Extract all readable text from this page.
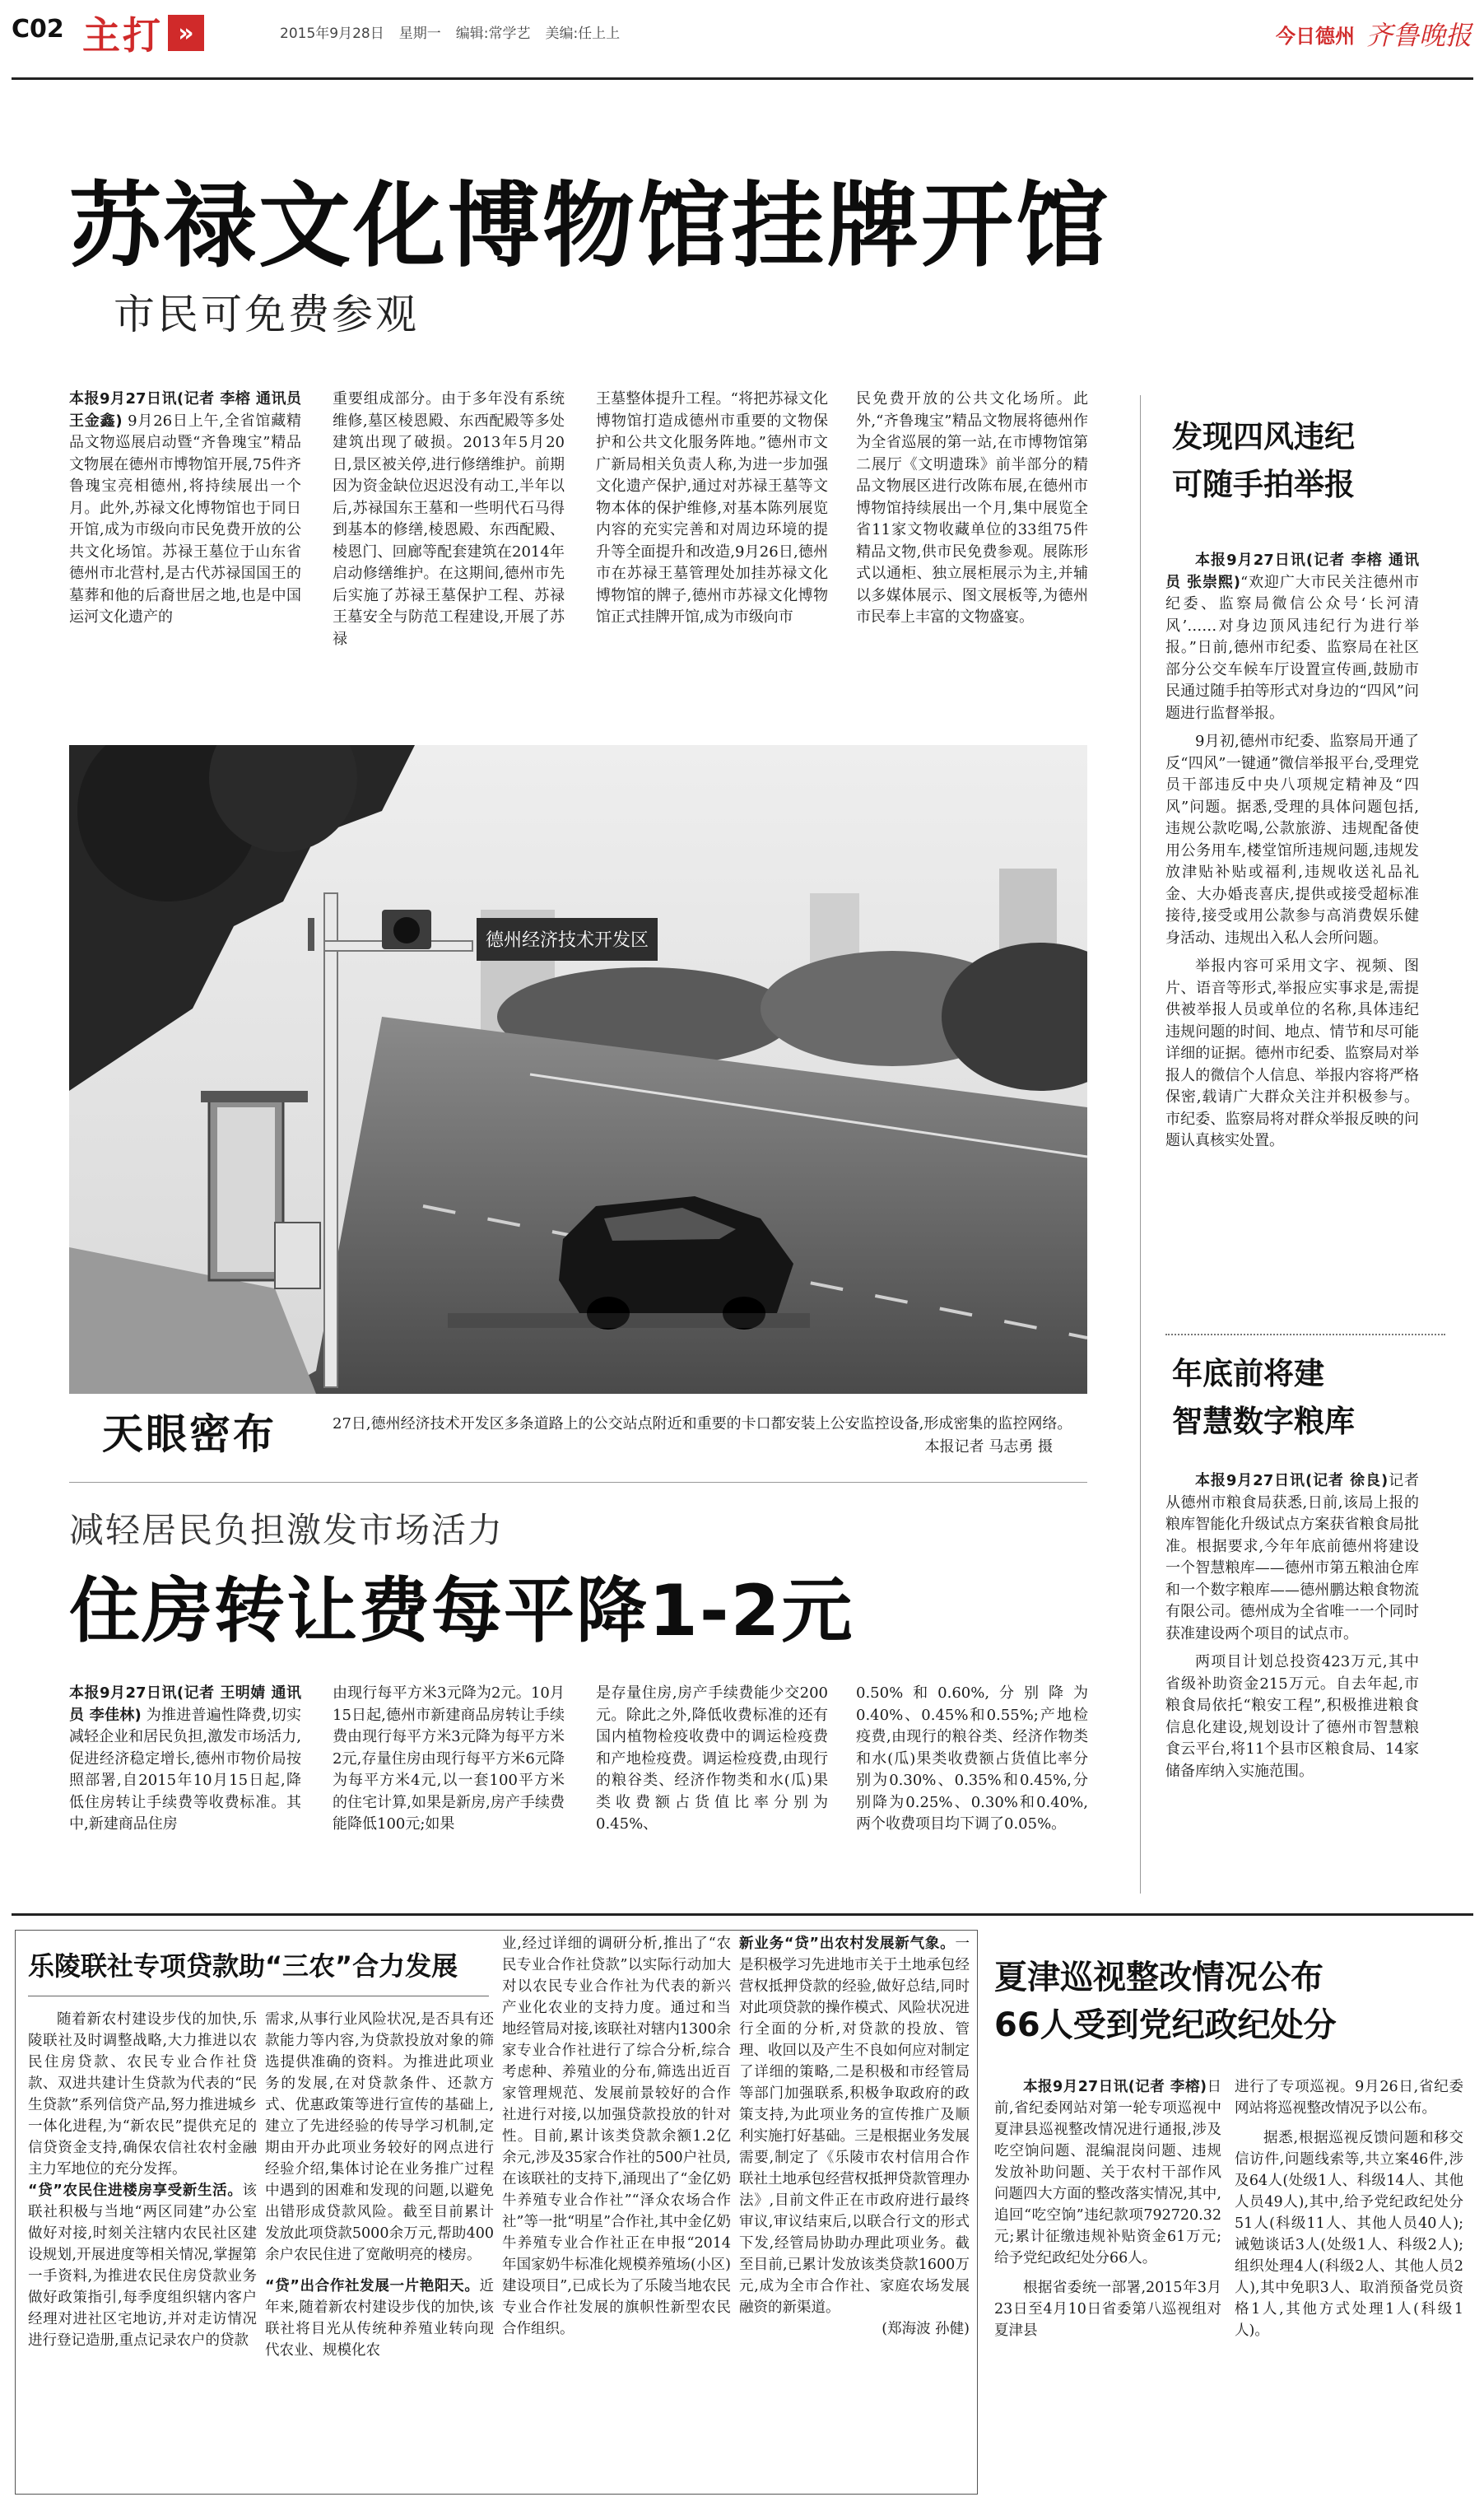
C02 主打 »	2015年9月28日 星期一 编辑:常学艺 美编:任上上	今日德州 齐鲁晚报
苏禄文化博物馆挂牌开馆
市民可免费参观
本报9月27日讯(记者 李榕 通讯员 王金鑫) 9月26日上午,全省馆藏精品文物巡展启动暨“齐鲁瑰宝”精品文物展在德州市博物馆开展,75件齐鲁瑰宝亮相德州,将持续展出一个月。此外,苏禄文化博物馆也于同日开馆,成为市级向市民免费开放的公共文化场馆。苏禄王墓位于山东省德州市北营村,是古代苏禄国国王的墓葬和他的后裔世居之地,也是中国运河文化遗产的
重要组成部分。由于多年没有系统维修,墓区棱恩殿、东西配殿等多处建筑出现了破损。2013年5月20日,景区被关停,进行修缮维护。前期因为资金缺位迟迟没有动工,半年以后,苏禄国东王墓和一些明代石马得到基本的修缮,棱恩殿、东西配殿、棱恩门、回廊等配套建筑在2014年启动修缮维护。在这期间,德州市先后实施了苏禄王墓保护工程、苏禄王墓安全与防范工程建设,开展了苏禄
王墓整体提升工程。“将把苏禄文化博物馆打造成德州市重要的文物保护和公共文化服务阵地。”德州市文广新局相关负责人称,为进一步加强文化遗产保护,通过对苏禄王墓等文物本体的保护维修,对基本陈列展览内容的充实完善和对周边环境的提升等全面提升和改造,9月26日,德州市在苏禄王墓管理处加挂苏禄文化博物馆的牌子,德州市苏禄文化博物馆正式挂牌开馆,成为市级向市
民免费开放的公共文化场所。此外,“齐鲁瑰宝”精品文物展将德州作为全省巡展的第一站,在市博物馆第二展厅《文明遗珠》前半部分的精品文物展区进行改陈布展,在德州市博物馆持续展出一个月,集中展览全省11家文物收藏单位的33组75件精品文物,供市民免费参观。展陈形式以通柜、独立展柜展示为主,并辅以多媒体展示、图文展板等,为德州市民奉上丰富的文物盛宴。
德州经济技术开发区
天眼密布	27日,德州经济技术开发区多条道路上的公交站点附近和重要的卡口都安装上公安监控设备,形成密集的监控网络。
本报记者 马志勇 摄
减轻居民负担激发市场活力
住房转让费每平降1-2元
本报9月27日讯(记者 王明婧 通讯员 李佳林) 为推进普遍性降费,切实减轻企业和居民负担,激发市场活力,促进经济稳定增长,德州市物价局按照部署,自2015年10月15日起,降低住房转让手续费等收费标准。其中,新建商品住房
由现行每平方米3元降为2元。10月15日起,德州市新建商品房转让手续费由现行每平方米3元降为每平方米2元,存量住房由现行每平方米6元降为每平方米4元,以一套100平方米的住宅计算,如果是新房,房产手续费能降低100元;如果
是存量住房,房产手续费能少交200元。除此之外,降低收费标准的还有国内植物检疫收费中的调运检疫费和产地检疫费。调运检疫费,由现行的粮谷类、经济作物类和水(瓜)果类收费额占货值比率分别为0.45%、
0.50%和0.60%,分别降为0.40%、0.45%和0.55%;产地检疫费,由现行的粮谷类、经济作物类和水(瓜)果类收费额占货值比率分别为0.30%、0.35%和0.45%,分别降为0.25%、0.30%和0.40%,两个收费项目均下调了0.05%。
发现四风违纪
可随手拍举报

本报9月27日讯(记者 李榕 通讯员 张崇熙)“欢迎广大市民关注德州市纪委、监察局微信公众号‘长河清风’……对身边顶风违纪行为进行举报。”日前,德州市纪委、监察局在社区部分公交车候车厅设置宣传画,鼓励市民通过随手拍等形式对身边的“四风”问题进行监督举报。

9月初,德州市纪委、监察局开通了反“四风”一键通”微信举报平台,受理党员干部违反中央八项规定精神及“四风”问题。据悉,受理的具体问题包括,违规公款吃喝,公款旅游、违规配备使用公务用车,楼堂馆所违规问题,违规发放津贴补贴或福利,违规收送礼品礼金、大办婚丧喜庆,提供或接受超标准接待,接受或用公款参与高消费娱乐健身活动、违规出入私人会所问题。

举报内容可采用文字、视频、图片、语音等形式,举报应实事求是,需提供被举报人员或单位的名称,具体违纪违规问题的时间、地点、情节和尽可能详细的证据。德州市纪委、监察局对举报人的微信个人信息、举报内容将严格保密,载请广大群众关注并积极参与。市纪委、监察局将对群众举报反映的问题认真核实处置。

年底前将建
智慧数字粮库

本报9月27日讯(记者 徐良)记者从德州市粮食局获悉,日前,该局上报的粮库智能化升级试点方案获省粮食局批准。根据要求,今年年底前德州将建设一个智慧粮库——德州市第五粮油仓库和一个数字粮库——德州鹏达粮食物流有限公司。德州成为全省唯一一个同时获准建设两个项目的试点市。

两项目计划总投资423万元,其中省级补助资金215万元。自去年起,市粮食局依托“粮安工程”,积极推进粮食信息化建设,规划设计了德州市智慧粮食云平台,将11个县市区粮食局、14家储备库纳入实施范围。

乐陵联社专项贷款助“三农”合力发展

随着新农村建设步伐的加快,乐陵联社及时调整战略,大力推进以农民住房贷款、农民专业合作社贷款、双进共建计生贷款为代表的“民生贷款”系列信贷产品,努力推进城乡一体化进程,为“新农民”提供充足的信贷资金支持,确保农信社农村金融主力军地位的充分发挥。

“贷”农民住进楼房享受新生活。该联社积极与当地“两区同建”办公室做好对接,时刻关注辖内农民社区建设规划,开展进度等相关情况,掌握第一手资料,为推进农民住房贷款业务做好政策指引,每季度组织辖内客户经理对进社区宅地访,并对走访情况进行登记造册,重点记录农户的贷款

需求,从事行业风险状况,是否具有还款能力等内容,为贷款投放对象的筛选提供准确的资料。为推进此项业务的发展,在对贷款条件、还款方式、优惠政策等进行宣传的基础上,建立了先进经验的传导学习机制,定期由开办此项业务较好的网点进行经验介绍,集体讨论在业务推广过程中遇到的困难和发现的问题,以避免出错形成贷款风险。截至目前累计发放此项贷款5000余万元,帮助400余户农民住进了宽敞明亮的楼房。

“贷”出合作社发展一片艳阳天。近年来,随着新农村建设步伐的加快,该联社将目光从传统种养殖业转向现代农业、规模化农

业,经过详细的调研分析,推出了“农民专业合作社贷款”以实际行动加大对以农民专业合作社为代表的新兴产业化农业的支持力度。通过和当地经管局对接,该联社对辖内1300余家专业合作社进行了综合分析,综合考虑种、养殖业的分布,筛选出近百家管理规范、发展前景较好的合作社进行对接,以加强贷款投放的针对性。目前,累计该类贷款余额1.2亿余元,涉及35家合作社的500户社员,在该联社的支持下,涌现出了“金亿奶牛养殖专业合作社”“泽众农场合作社”等一批“明星”合作社,其中金亿奶牛养殖专业合作社正在申报“2014年国家奶牛标准化规模养殖场(小区)建设项目”,已成长为了乐陵当地农民专业合作社发展的旗帜性新型农民合作组织。

新业务“贷”出农村发展新气象。一是积极学习先进地市关于土地承包经营权抵押贷款的经验,做好总结,同时对此项贷款的操作模式、风险状况进行全面的分析,对贷款的投放、管理、收回以及产生不良如何应对制定了详细的策略,二是积极和市经管局等部门加强联系,积极争取政府的政策支持,为此项业务的宣传推广及顺利实施打好基础。三是根据业务发展需要,制定了《乐陵市农村信用合作联社土地承包经营权抵押贷款管理办法》,目前文件正在市政府进行最终审议,审议结束后,以联合行文的形式下发,经管局协助办理此项业务。截至目前,已累计发放该类贷款1600万元,成为全市合作社、家庭农场发展融资的新渠道。

(郑海波 孙健)

夏津巡视整改情况公布
66人受到党纪政纪处分

本报9月27日讯(记者 李榕)日前,省纪委网站对第一轮专项巡视中夏津县巡视整改情况进行通报,涉及吃空饷问题、混编混岗问题、违规发放补助问题、关于农村干部作风问题四大方面的整改落实情况,其中,追回“吃空饷”违纪款项792720.32元;累计征缴违规补贴资金61万元;给予党纪政纪处分66人。

根据省委统一部署,2015年3月23日至4月10日省委第八巡视组对夏津县

进行了专项巡视。9月26日,省纪委网站将巡视整改情况予以公布。

据悉,根据巡视反馈问题和移交信访件,问题线索等,共立案46件,涉及64人(处级1人、科级14人、其他人员49人),其中,给予党纪政纪处分51人(科级11人、其他人员40人);诫勉谈话3人(处级1人、科级2人);组织处理4人(科级2人、其他人员2人),其中免职3人、取消预备党员资格1人,其他方式处理1人(科级1人)。
